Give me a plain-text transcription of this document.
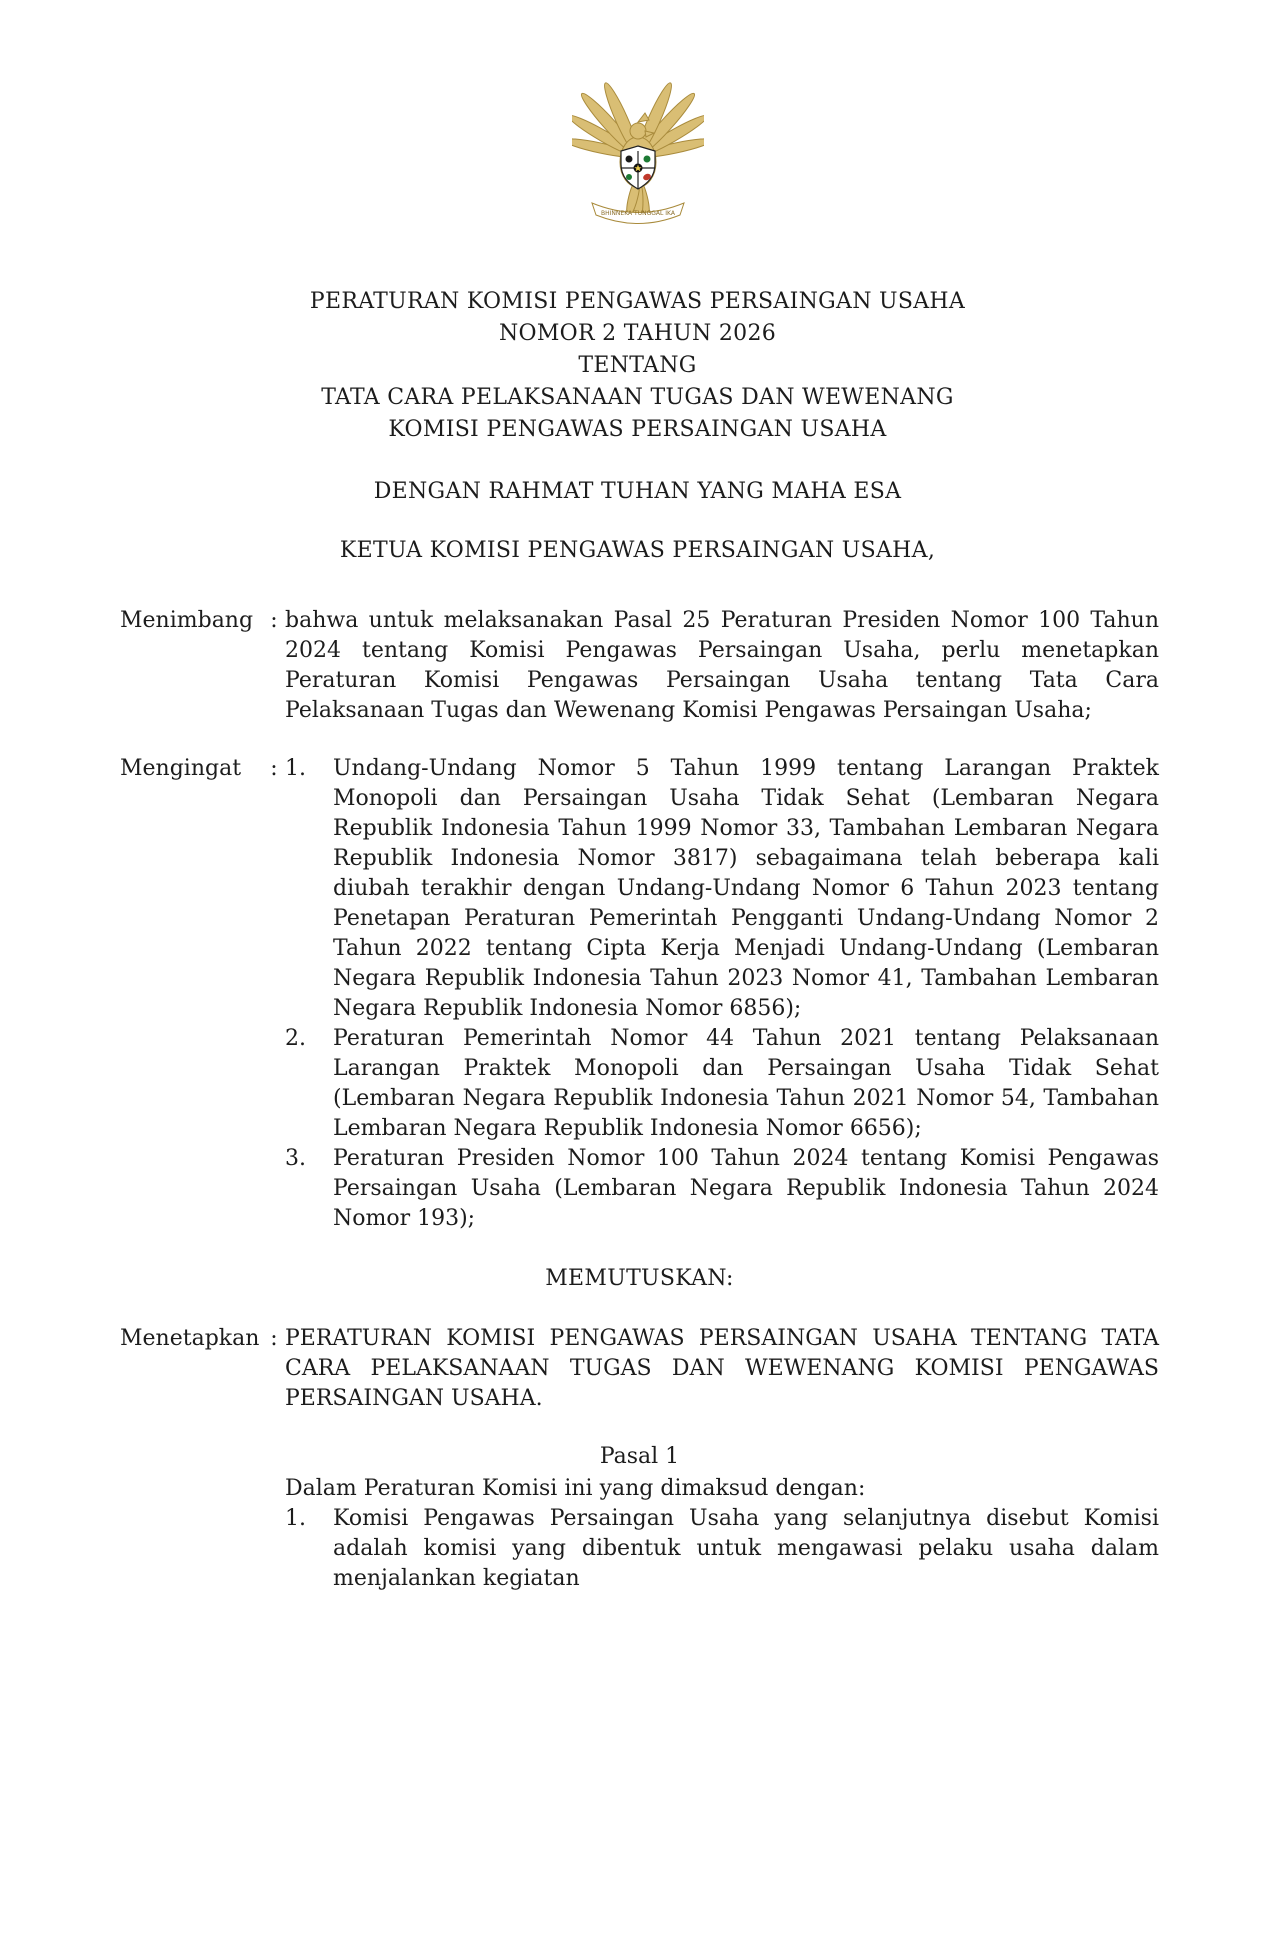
BHINNEKA TUNGGAL IKA
PERATURAN KOMISI PENGAWAS PERSAINGAN USAHA
NOMOR 2 TAHUN 2026
TENTANG
TATA CARA PELAKSANAAN TUGAS DAN WEWENANG
KOMISI PENGAWAS PERSAINGAN USAHA
DENGAN RAHMAT TUHAN YANG MAHA ESA
KETUA KOMISI PENGAWAS PERSAINGAN USAHA,
Menimbang : bahwa untuk melaksanakan Pasal 25 Peraturan Presiden Nomor 100 Tahun 2024 tentang Komisi Pengawas Persaingan Usaha, perlu menetapkan Peraturan Komisi Pengawas Persaingan Usaha tentang Tata Cara Pelaksanaan Tugas dan Wewenang Komisi Pengawas Persaingan Usaha;
Mengingat	: 1.	Undang-Undang Nomor 5 Tahun 1999 tentang Larangan Praktek Monopoli dan Persaingan Usaha Tidak Sehat (Lembaran Negara Republik Indonesia Tahun 1999 Nomor 33, Tambahan Lembaran Negara Republik Indonesia Nomor 3817) sebagaimana telah beberapa kali diubah terakhir dengan Undang-Undang Nomor 6 Tahun 2023 tentang Penetapan Peraturan Pemerintah Pengganti Undang-Undang Nomor 2 Tahun 2022 tentang Cipta Kerja Menjadi Undang-Undang (Lembaran Negara Republik Indonesia Tahun 2023 Nomor 41, Tambahan Lembaran Negara Republik Indonesia Nomor 6856);
2.	Peraturan Pemerintah Nomor 44 Tahun 2021 tentang Pelaksanaan Larangan Praktek Monopoli dan Persaingan Usaha Tidak Sehat (Lembaran Negara Republik Indonesia Tahun 2021 Nomor 54, Tambahan Lembaran Negara Republik Indonesia Nomor 6656);
3.	Peraturan Presiden Nomor 100 Tahun 2024 tentang Komisi Pengawas Persaingan Usaha (Lembaran Negara Republik Indonesia Tahun 2024 Nomor 193);
MEMUTUSKAN:
Menetapkan : PERATURAN KOMISI PENGAWAS PERSAINGAN USAHA TENTANG TATA CARA PELAKSANAAN TUGAS DAN WEWENANG KOMISI PENGAWAS PERSAINGAN USAHA.
Pasal 1
Dalam Peraturan Komisi ini yang dimaksud dengan:
1.	Komisi Pengawas Persaingan Usaha yang selanjutnya disebut Komisi adalah komisi yang dibentuk untuk mengawasi pelaku usaha dalam menjalankan kegiatan
